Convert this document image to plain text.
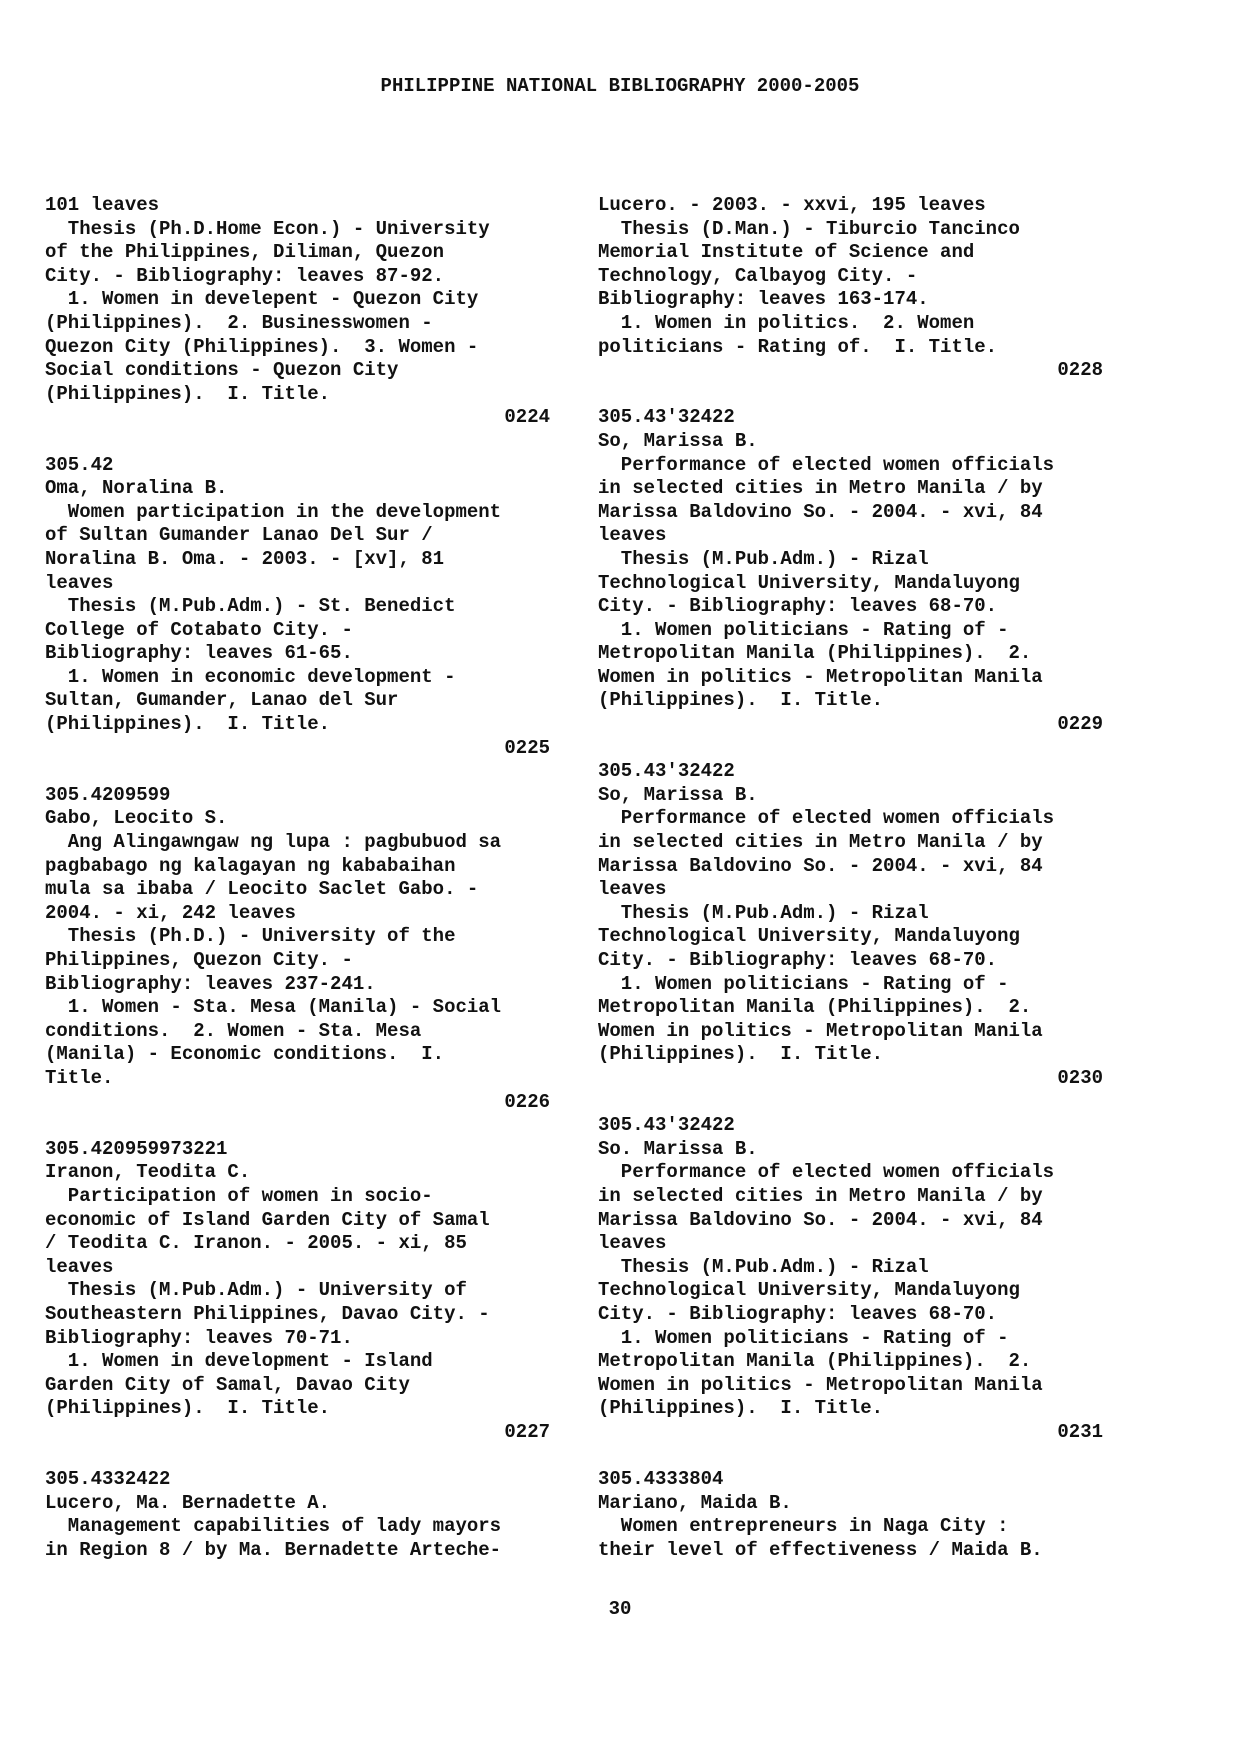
PHILIPPINE NATIONAL BIBLIOGRAPHY 2000-2005
101 leaves
Thesis (Ph.D.Home Econ.) - University
of the Philippines, Diliman, Quezon
City. - Bibliography: leaves 87-92.
1. Women in develepent - Quezon City
(Philippines).  2. Businesswomen -
Quezon City (Philippines).  3. Women -
Social conditions - Quezon City
(Philippines).  I. Title.
0224
305.42
Oma, Noralina B.
Women participation in the development
of Sultan Gumander Lanao Del Sur /
Noralina B. Oma. - 2003. - [xv], 81
leaves
Thesis (M.Pub.Adm.) - St. Benedict
College of Cotabato City. -
Bibliography: leaves 61-65.
1. Women in economic development -
Sultan, Gumander, Lanao del Sur
(Philippines).  I. Title.
0225
305.4209599
Gabo, Leocito S.
Ang Alingawngaw ng lupa : pagbubuod sa
pagbabago ng kalagayan ng kababaihan
mula sa ibaba / Leocito Saclet Gabo. -
2004. - xi, 242 leaves
Thesis (Ph.D.) - University of the
Philippines, Quezon City. -
Bibliography: leaves 237-241.
1. Women - Sta. Mesa (Manila) - Social
conditions.  2. Women - Sta. Mesa
(Manila) - Economic conditions.  I.
Title.
0226
305.420959973221
Iranon, Teodita C.
Participation of women in socio-
economic of Island Garden City of Samal
/ Teodita C. Iranon. - 2005. - xi, 85
leaves
Thesis (M.Pub.Adm.) - University of
Southeastern Philippines, Davao City. -
Bibliography: leaves 70-71.
1. Women in development - Island
Garden City of Samal, Davao City
(Philippines).  I. Title.
0227
305.4332422
Lucero, Ma. Bernadette A.
Management capabilities of lady mayors
in Region 8 / by Ma. Bernadette Arteche-
Lucero. - 2003. - xxvi, 195 leaves
Thesis (D.Man.) - Tiburcio Tancinco
Memorial Institute of Science and
Technology, Calbayog City. -
Bibliography: leaves 163-174.
1. Women in politics.  2. Women
politicians - Rating of.  I. Title.
0228
305.43'32422
So, Marissa B.
Performance of elected women officials
in selected cities in Metro Manila / by
Marissa Baldovino So. - 2004. - xvi, 84
leaves
Thesis (M.Pub.Adm.) - Rizal
Technological University, Mandaluyong
City. - Bibliography: leaves 68-70.
1. Women politicians - Rating of -
Metropolitan Manila (Philippines).  2.
Women in politics - Metropolitan Manila
(Philippines).  I. Title.
0229
305.43'32422
So, Marissa B.
Performance of elected women officials
in selected cities in Metro Manila / by
Marissa Baldovino So. - 2004. - xvi, 84
leaves
Thesis (M.Pub.Adm.) - Rizal
Technological University, Mandaluyong
City. - Bibliography: leaves 68-70.
1. Women politicians - Rating of -
Metropolitan Manila (Philippines).  2.
Women in politics - Metropolitan Manila
(Philippines).  I. Title.
0230
305.43'32422
So. Marissa B.
Performance of elected women officials
in selected cities in Metro Manila / by
Marissa Baldovino So. - 2004. - xvi, 84
leaves
Thesis (M.Pub.Adm.) - Rizal
Technological University, Mandaluyong
City. - Bibliography: leaves 68-70.
1. Women politicians - Rating of -
Metropolitan Manila (Philippines).  2.
Women in politics - Metropolitan Manila
(Philippines).  I. Title.
0231
305.4333804
Mariano, Maida B.
Women entrepreneurs in Naga City :
their level of effectiveness / Maida B.
30
